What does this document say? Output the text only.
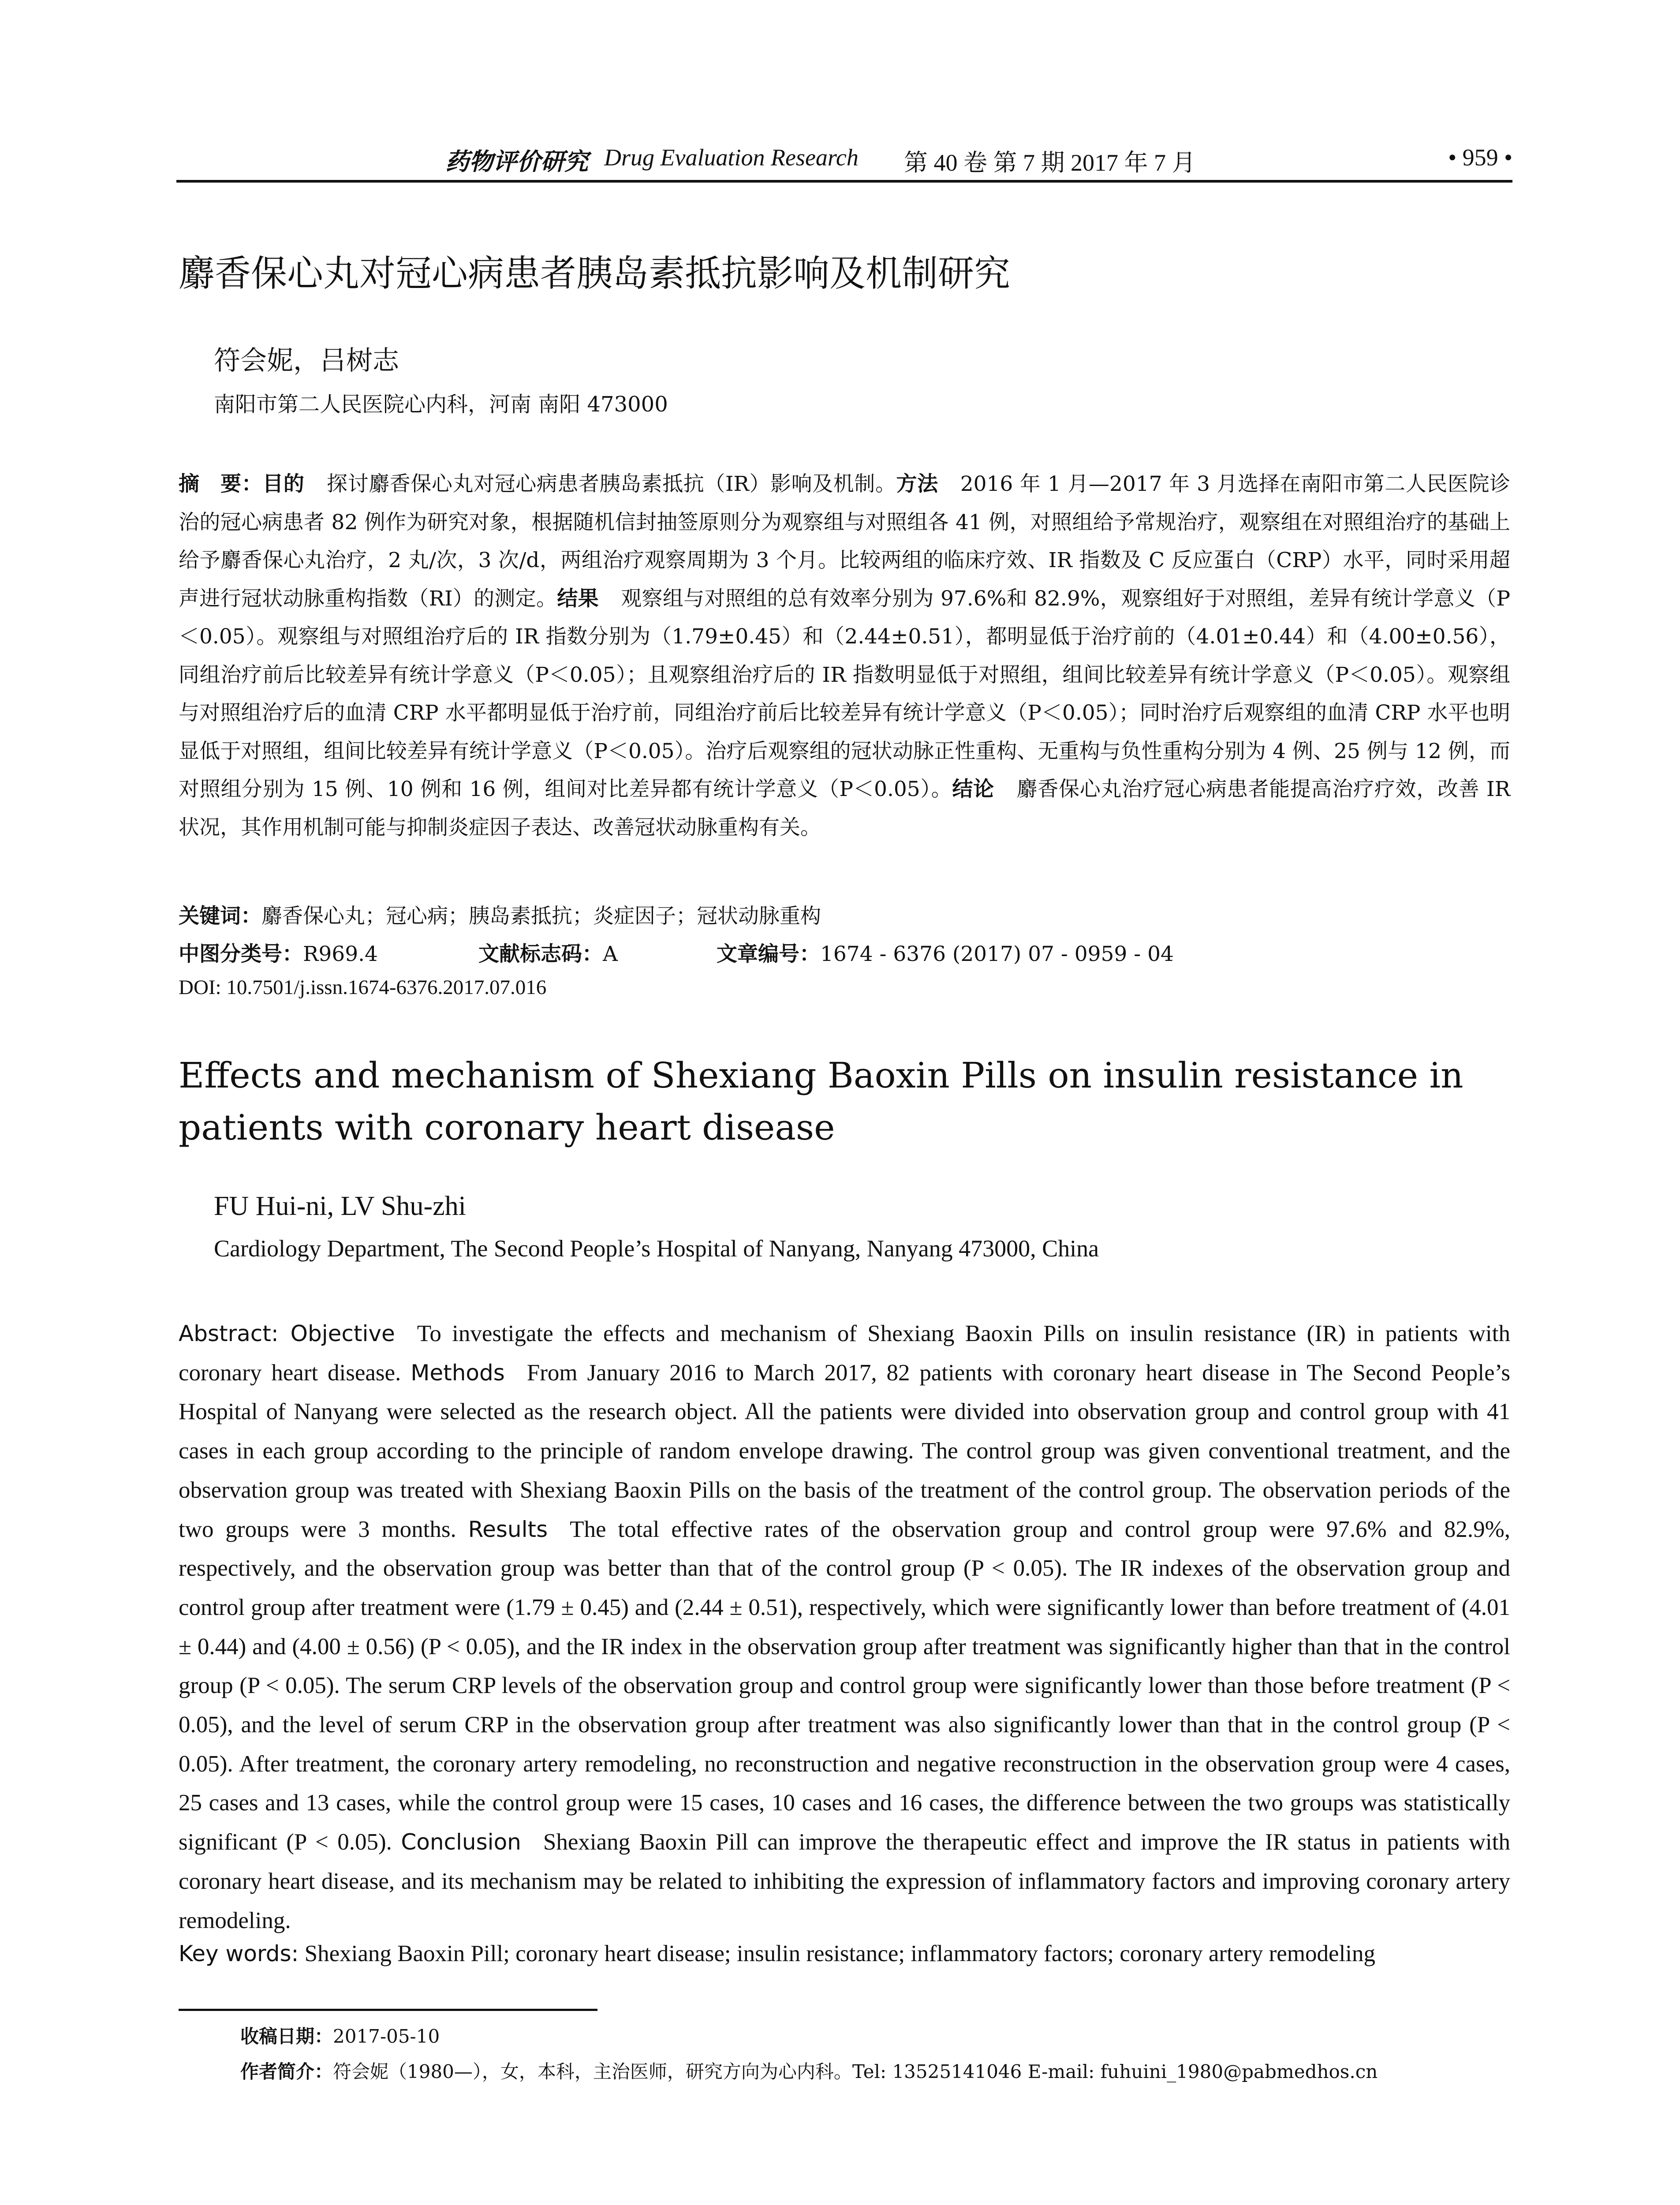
药物评价研究 Drug Evaluation Research 第 40 卷 第 7 期 2017 年 7 月	• 959 •
麝香保心丸对冠心病患者胰岛素抵抗影响及机制研究
符会妮，吕树志
南阳市第二人民医院心内科，河南 南阳 473000
摘　要：目的 探讨麝香保心丸对冠心病患者胰岛素抵抗（IR）影响及机制。方法 2016 年 1 月—2017 年 3 月选择在南阳市第二人民医院诊治的冠心病患者 82 例作为研究对象，根据随机信封抽签原则分为观察组与对照组各 41 例，对照组给予常规治疗，观察组在对照组治疗的基础上给予麝香保心丸治疗，2 丸/次，3 次/d，两组治疗观察周期为 3 个月。比较两组的临床疗效、IR 指数及 C 反应蛋白（CRP）水平，同时采用超声进行冠状动脉重构指数（RI）的测定。结果 观察组与对照组的总有效率分别为 97.6%和 82.9%，观察组好于对照组，差异有统计学意义（P＜0.05）。观察组与对照组治疗后的 IR 指数分别为（1.79±0.45）和（2.44±0.51），都明显低于治疗前的（4.01±0.44）和（4.00±0.56），同组治疗前后比较差异有统计学意义（P＜0.05）；且观察组治疗后的 IR 指数明显低于对照组，组间比较差异有统计学意义（P＜0.05）。观察组与对照组治疗后的血清 CRP 水平都明显低于治疗前，同组治疗前后比较差异有统计学意义（P＜0.05）；同时治疗后观察组的血清 CRP 水平也明显低于对照组，组间比较差异有统计学意义（P＜0.05）。治疗后观察组的冠状动脉正性重构、无重构与负性重构分别为 4 例、25 例与 12 例，而对照组分别为 15 例、10 例和 16 例，组间对比差异都有统计学意义（P＜0.05）。结论 麝香保心丸治疗冠心病患者能提高治疗疗效，改善 IR 状况，其作用机制可能与抑制炎症因子表达、改善冠状动脉重构有关。
关键词：麝香保心丸；冠心病；胰岛素抵抗；炎症因子；冠状动脉重构
中图分类号：R969.4	文献标志码：A	文章编号：1674 - 6376 (2017) 07 - 0959 - 04
DOI: 10.7501/j.issn.1674-6376.2017.07.016
Effects and mechanism of Shexiang Baoxin Pills on insulin resistance in patients with coronary heart disease
FU Hui-ni, LV Shu-zhi
Cardiology Department, The Second People’s Hospital of Nanyang, Nanyang 473000, China
Abstract: Objective To investigate the effects and mechanism of Shexiang Baoxin Pills on insulin resistance (IR) in patients with coronary heart disease. Methods From January 2016 to March 2017, 82 patients with coronary heart disease in The Second People’s Hospital of Nanyang were selected as the research object. All the patients were divided into observation group and control group with 41 cases in each group according to the principle of random envelope drawing. The control group was given conventional treatment, and the observation group was treated with Shexiang Baoxin Pills on the basis of the treatment of the control group. The observation periods of the two groups were 3 months. Results The total effective rates of the observation group and control group were 97.6% and 82.9%, respectively, and the observation group was better than that of the control group (P < 0.05). The IR indexes of the observation group and control group after treatment were (1.79 ± 0.45) and (2.44 ± 0.51), respectively, which were significantly lower than before treatment of (4.01 ± 0.44) and (4.00 ± 0.56) (P < 0.05), and the IR index in the observation group after treatment was significantly higher than that in the control group (P < 0.05). The serum CRP levels of the observation group and control group were significantly lower than those before treatment (P < 0.05), and the level of serum CRP in the observation group after treatment was also significantly lower than that in the control group (P < 0.05). After treatment, the coronary artery remodeling, no reconstruction and negative reconstruction in the observation group were 4 cases, 25 cases and 13 cases, while the control group were 15 cases, 10 cases and 16 cases, the difference between the two groups was statistically significant (P < 0.05). Conclusion Shexiang Baoxin Pill can improve the therapeutic effect and improve the IR status in patients with coronary heart disease, and its mechanism may be related to inhibiting the expression of inflammatory factors and improving coronary artery remodeling.
Key words: Shexiang Baoxin Pill; coronary heart disease; insulin resistance; inflammatory factors; coronary artery remodeling
收稿日期：2017-05-10
作者简介：符会妮（1980—），女，本科，主治医师，研究方向为心内科。Tel: 13525141046 E-mail: fuhuini_1980@pabmedhos.cn
